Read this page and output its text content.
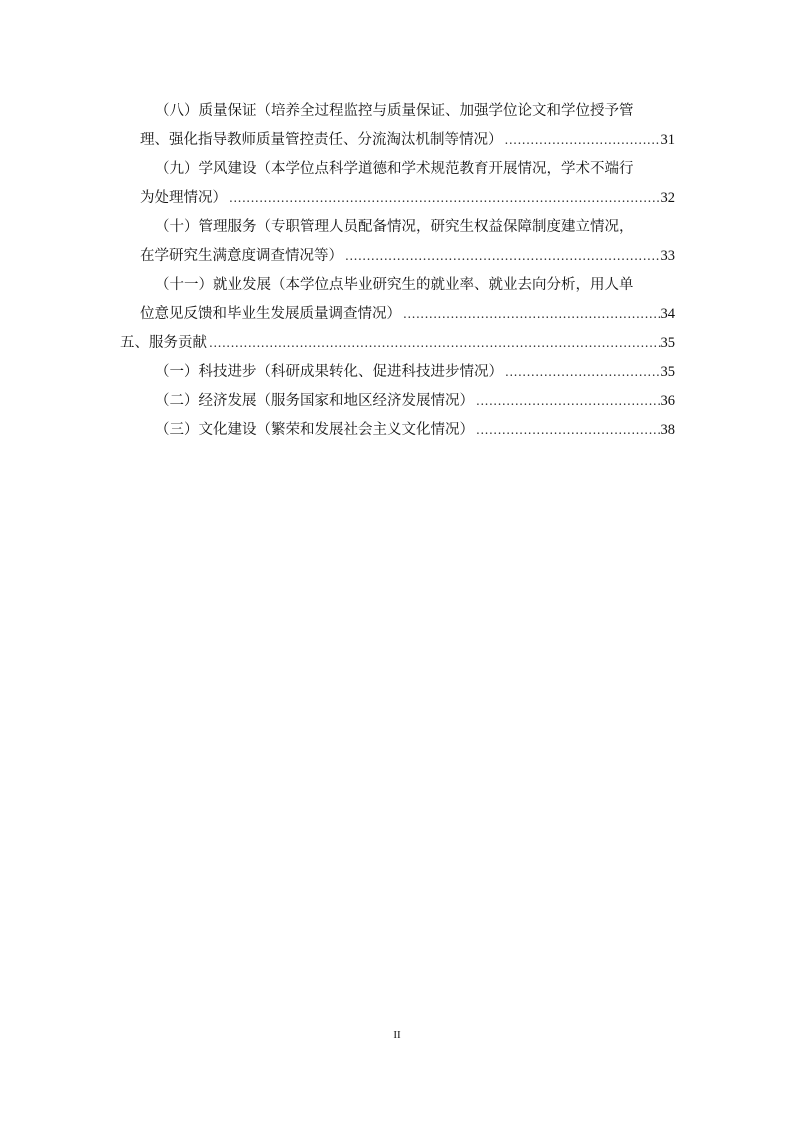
（八）质量保证（培养全过程监控与质量保证、加强学位论文和学位授予管
理、强化指导教师质量管控责任、分流淘汰机制等情况） .....	31
（九）学风建设（本学位点科学道德和学术规范教育开展情况，学术不端行
为处理情况） .....	32
（十）管理服务（专职管理人员配备情况，研究生权益保障制度建立情况，
在学研究生满意度调查情况等） .....	33
（十一）就业发展（本学位点毕业研究生的就业率、就业去向分析，用人单
位意见反馈和毕业生发展质量调查情况） .....	34
五、服务贡献 .....	35
（一）科技进步（科研成果转化、促进科技进步情况） .....	35
（二）经济发展（服务国家和地区经济发展情况） .....	36
（三）文化建设（繁荣和发展社会主义文化情况） .....	38
II
